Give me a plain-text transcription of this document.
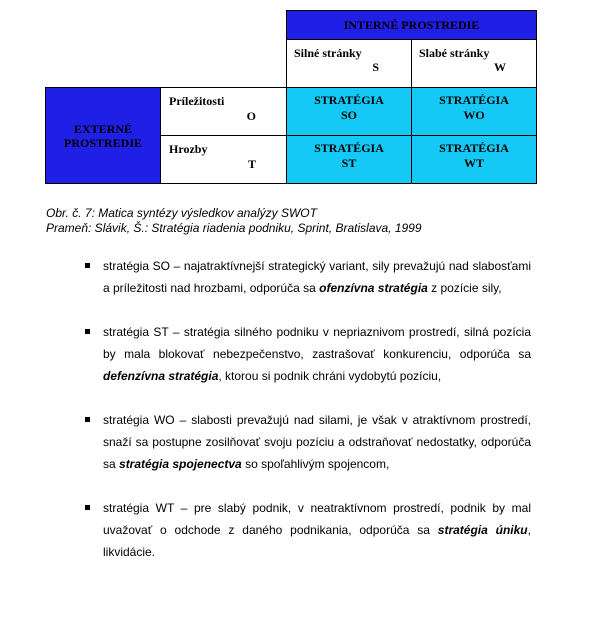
INTERNÉ PROSTREDIE
Silné stránky
S
Slabé stránky
W
EXTERNÉ PROSTREDIE
Príležitosti
O
Hrozby
T
STRATÉGIA
SO
STRATÉGIA
WO
STRATÉGIA
ST
STRATÉGIA
WT
Obr. č. 7: Matica syntézy výsledkov analýzy SWOT
Prameň: Slávik, Š.: Stratégia riadenia podniku, Sprint, Bratislava, 1999
stratégia SO – najatraktívnejší strategický variant, sily prevažujú nad slabosťami a príležitosti nad hrozbami, odporúča sa ofenzívna stratégia z pozície sily,
stratégia ST – stratégia silného podniku v nepriaznivom prostredí, silná pozícia by mala blokovať nebezpečenstvo, zastrašovať konkurenciu, odporúča sa defenzívna stratégia, ktorou si podnik chráni vydobytú pozíciu,
stratégia WO – slabosti prevažujú nad silami, je však v atraktívnom prostredí, snaží sa postupne zosilňovať svoju pozíciu a odstraňovať nedostatky, odporúča sa stratégia spojenectva so spoľahlivým spojencom,
stratégia WT – pre slabý podnik, v neatraktívnom prostredí, podnik by mal uvažovať o odchode z daného podnikania, odporúča sa stratégia úniku, likvidácie.
